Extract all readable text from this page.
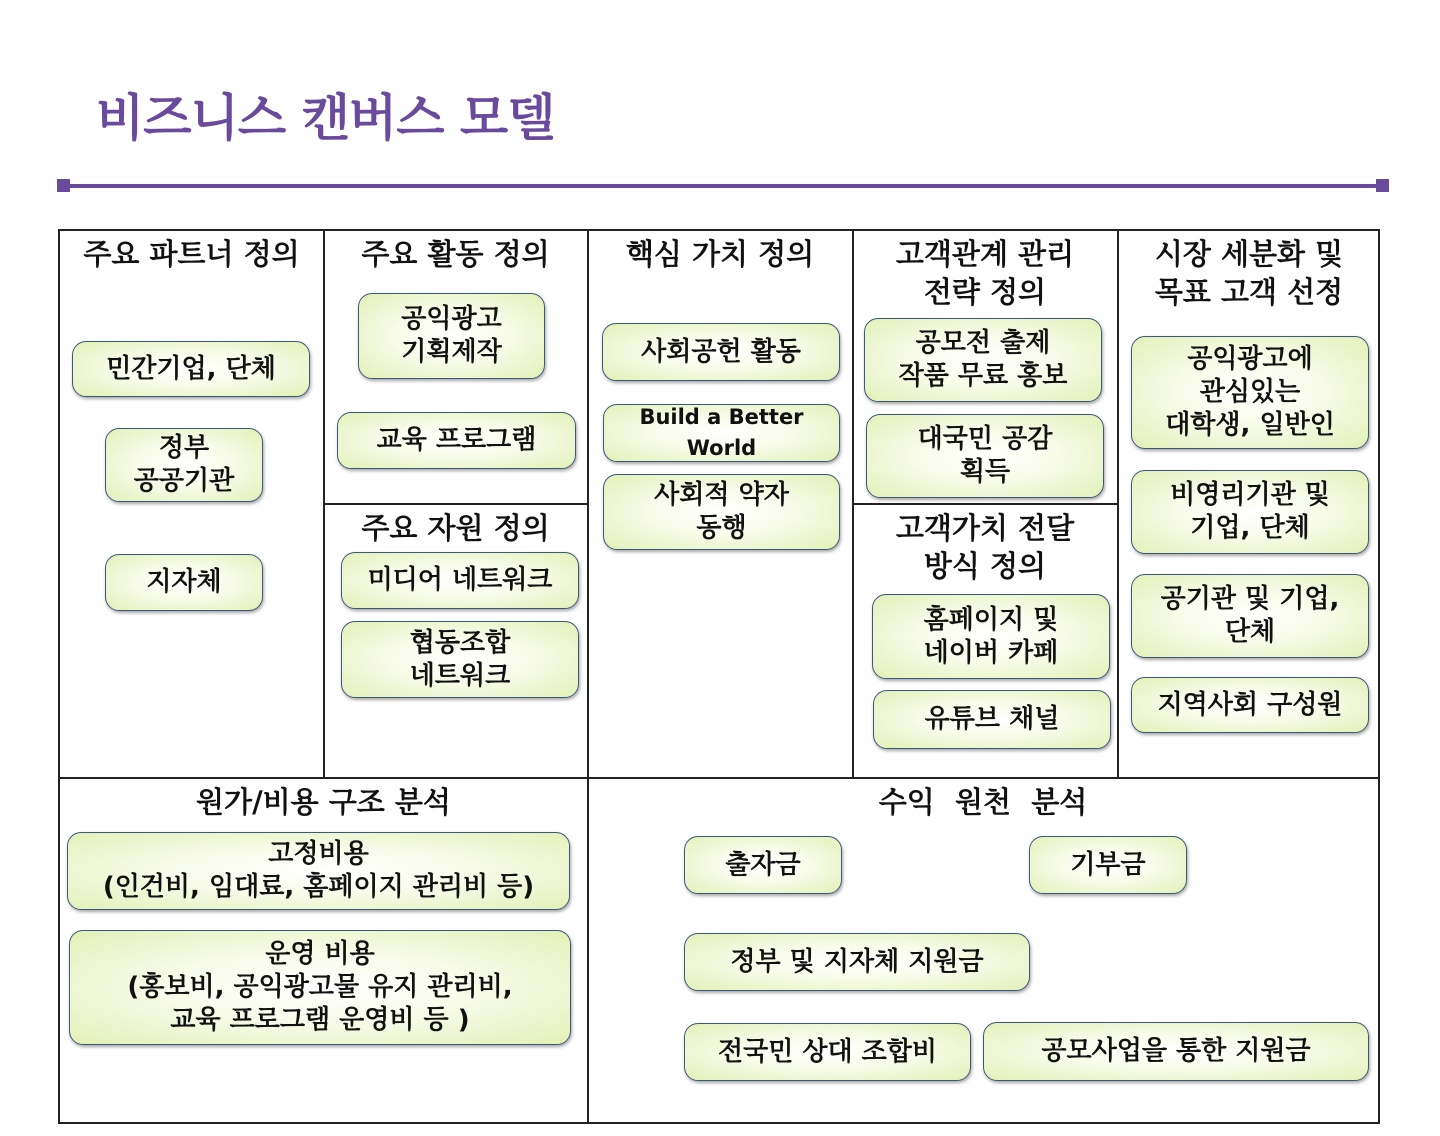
비즈니스 캔버스 모델
주요 파트너 정의
민간기업, 단체
정부
공공기관
지자체
주요 활동 정의
공익광고
기획제작
교육 프로그램
주요 자원 정의
미디어 네트워크
협동조합
네트워크
핵심 가치 정의
사회공헌 활동
Build a Better
World
사회적 약자
동행
고객관계 관리
전략 정의
공모전 출제
작품 무료 홍보
대국민 공감
획득
고객가치 전달
방식 정의
홈페이지 및
네이버 카페
유튜브 채널
시장 세분화 및
목표 고객 선정
공익광고에
관심있는
대학생, 일반인
비영리기관 및
기업, 단체
공기관 및 기업,
단체
지역사회 구성원
원가/비용 구조 분석
고정비용
(인건비, 임대료, 홈페이지 관리비 등)
운영 비용
(홍보비, 공익광고물 유지 관리비,
교육 프로그램 운영비 등 )
수익  원천  분석
출자금	기부금
정부 및 지자체 지원금
전국민 상대 조합비	공모사업을 통한 지원금
